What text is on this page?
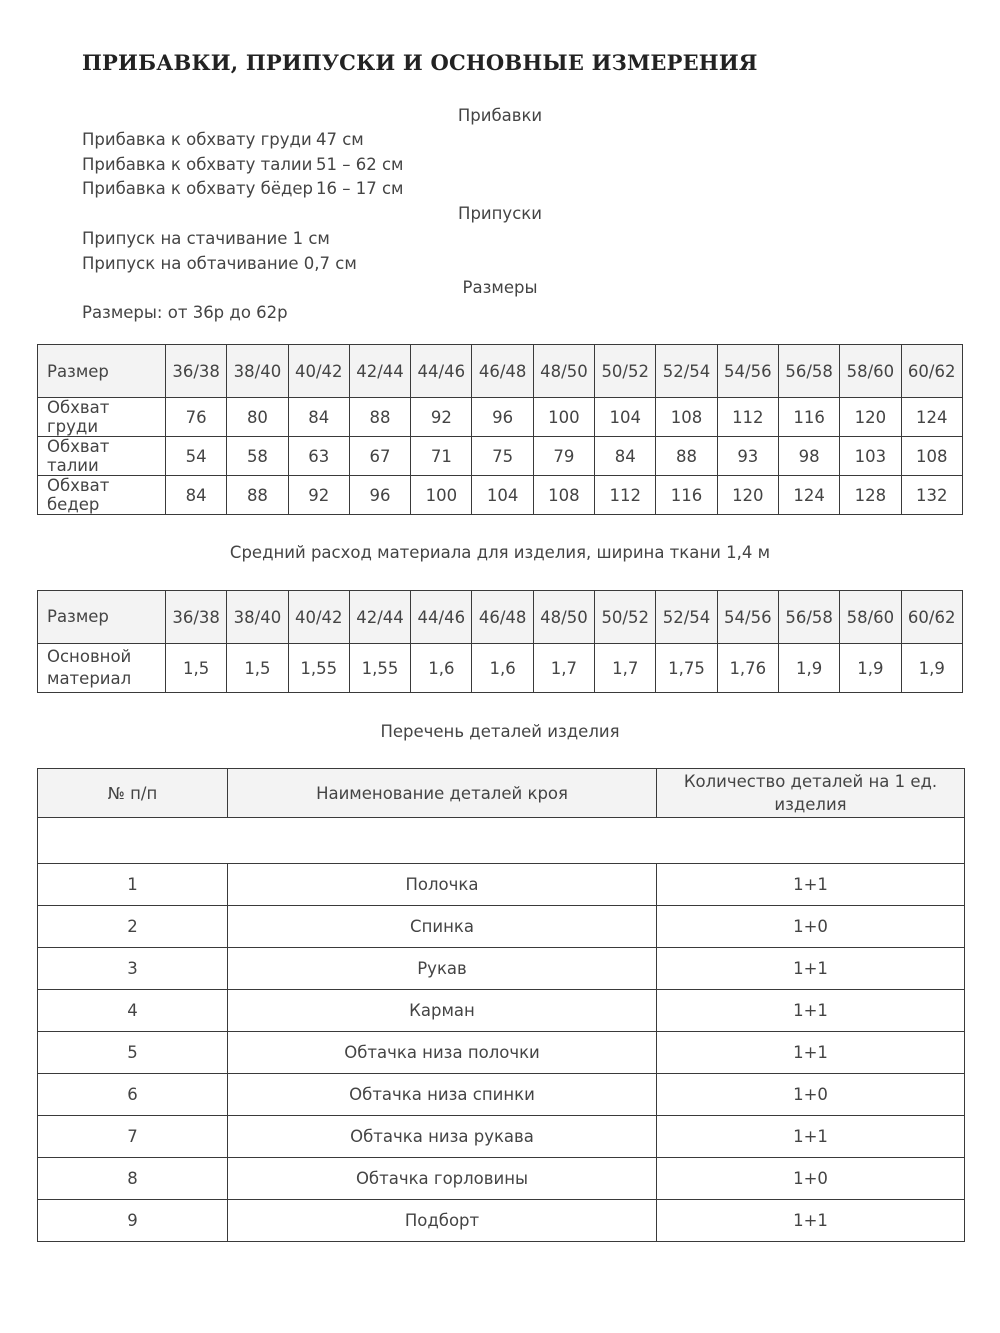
ПРИБАВКИ, ПРИПУСКИ И ОСНОВНЫЕ ИЗМЕРЕНИЯ
Прибавки
Прибавка к обхвату груди 47 см
Прибавка к обхвату талии 51 – 62 см
Прибавка к обхвату бёдер 16 – 17 см
Припуски
Припуск на стачивание 1 см
Припуск на обтачивание 0,7 см
Размеры
Размеры: от 36р до 62р
Размер	36/38	38/40	40/42	42/44	44/46	46/48	48/50	50/52	52/54	54/56	56/58	58/60	60/62
Обхват груди	76	80	84	88	92	96	100	104	108	112	116	120	124
Обхват талии	54	58	63	67	71	75	79	84	88	93	98	103	108
Обхват бедер	84	88	92	96	100	104	108	112	116	120	124	128	132
Средний расход материала для изделия, ширина ткани 1,4 м
Размер	36/38	38/40	40/42	42/44	44/46	46/48	48/50	50/52	52/54	54/56	56/58	58/60	60/62
Основной материал	1,5	1,5	1,55	1,55	1,6	1,6	1,7	1,7	1,75	1,76	1,9	1,9	1,9
Перечень деталей изделия
№ п/п	Наименование деталей кроя	Количество деталей на 1 ед. изделия

1	Полочка	1+1
2	Спинка	1+0
3	Рукав	1+1
4	Карман	1+1
5	Обтачка низа полочки	1+1
6	Обтачка низа спинки	1+0
7	Обтачка низа рукава	1+1
8	Обтачка горловины	1+0
9	Подборт	1+1
